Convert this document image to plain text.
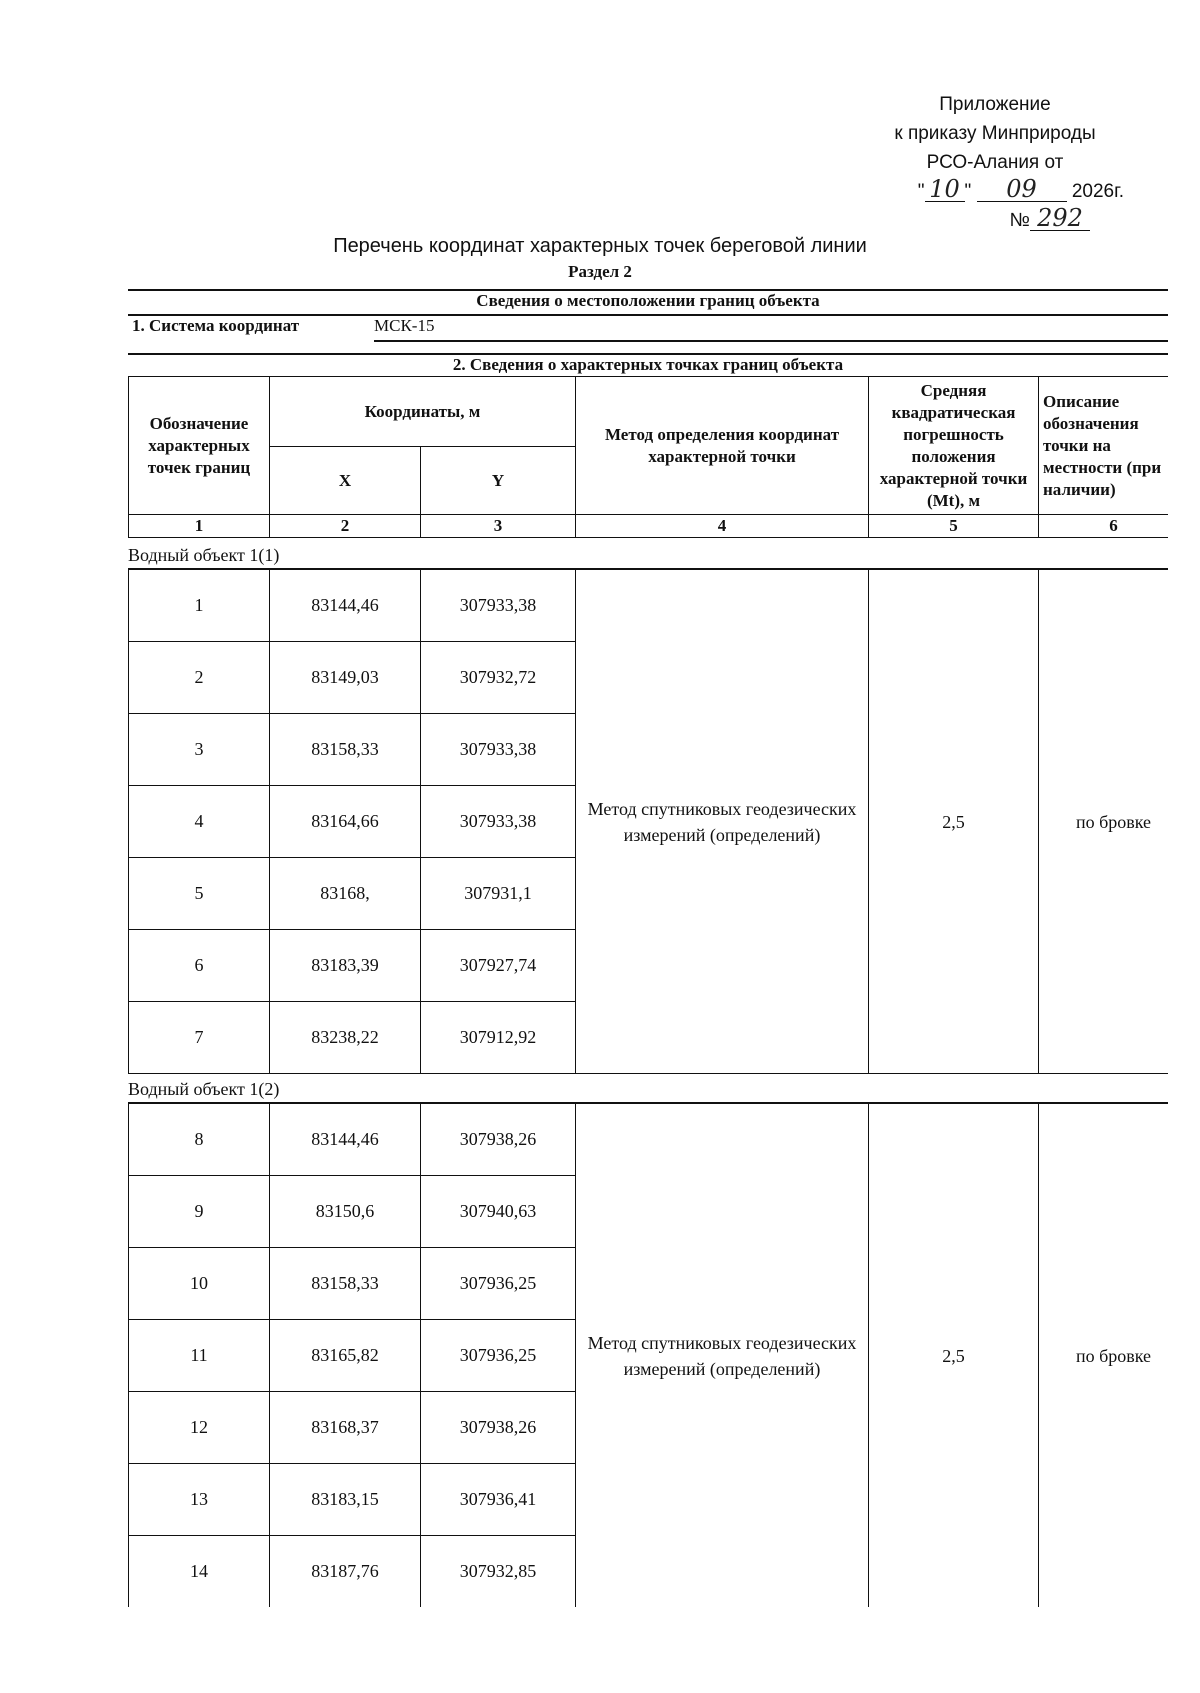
Приложение
к приказу Минприроды
РСО-Алания от
" 10 " 09 2026г.
№ 292
Перечень координат характерных точек береговой линии
Раздел 2
Сведения о местоположении границ объекта
1. Система координат	МСК-15
2. Сведения о характерных точках границ объекта
Обозначение характерных точек границ	Координаты, м		Метод определения координат характерной точки	Средняя квадратическая погрешность положения характерной точки (Mt), м	Описание обозначения точки на местности (при наличии)
	X	Y			
1	2	3	4	5	6
Водный объект 1(1)
1	83144,46	307933,38	Метод спутниковых геодезических измерений (определений)	2,5	по бровке
2	83149,03	307932,72			
3	83158,33	307933,38			
4	83164,66	307933,38			
5	83168,	307931,1			
6	83183,39	307927,74			
7	83238,22	307912,92			
Водный объект 1(2)
8	83144,46	307938,26	Метод спутниковых геодезических измерений (определений)	2,5	по бровке
9	83150,6	307940,63			
10	83158,33	307936,25			
11	83165,82	307936,25			
12	83168,37	307938,26			
13	83183,15	307936,41			
14	83187,76	307932,85			
